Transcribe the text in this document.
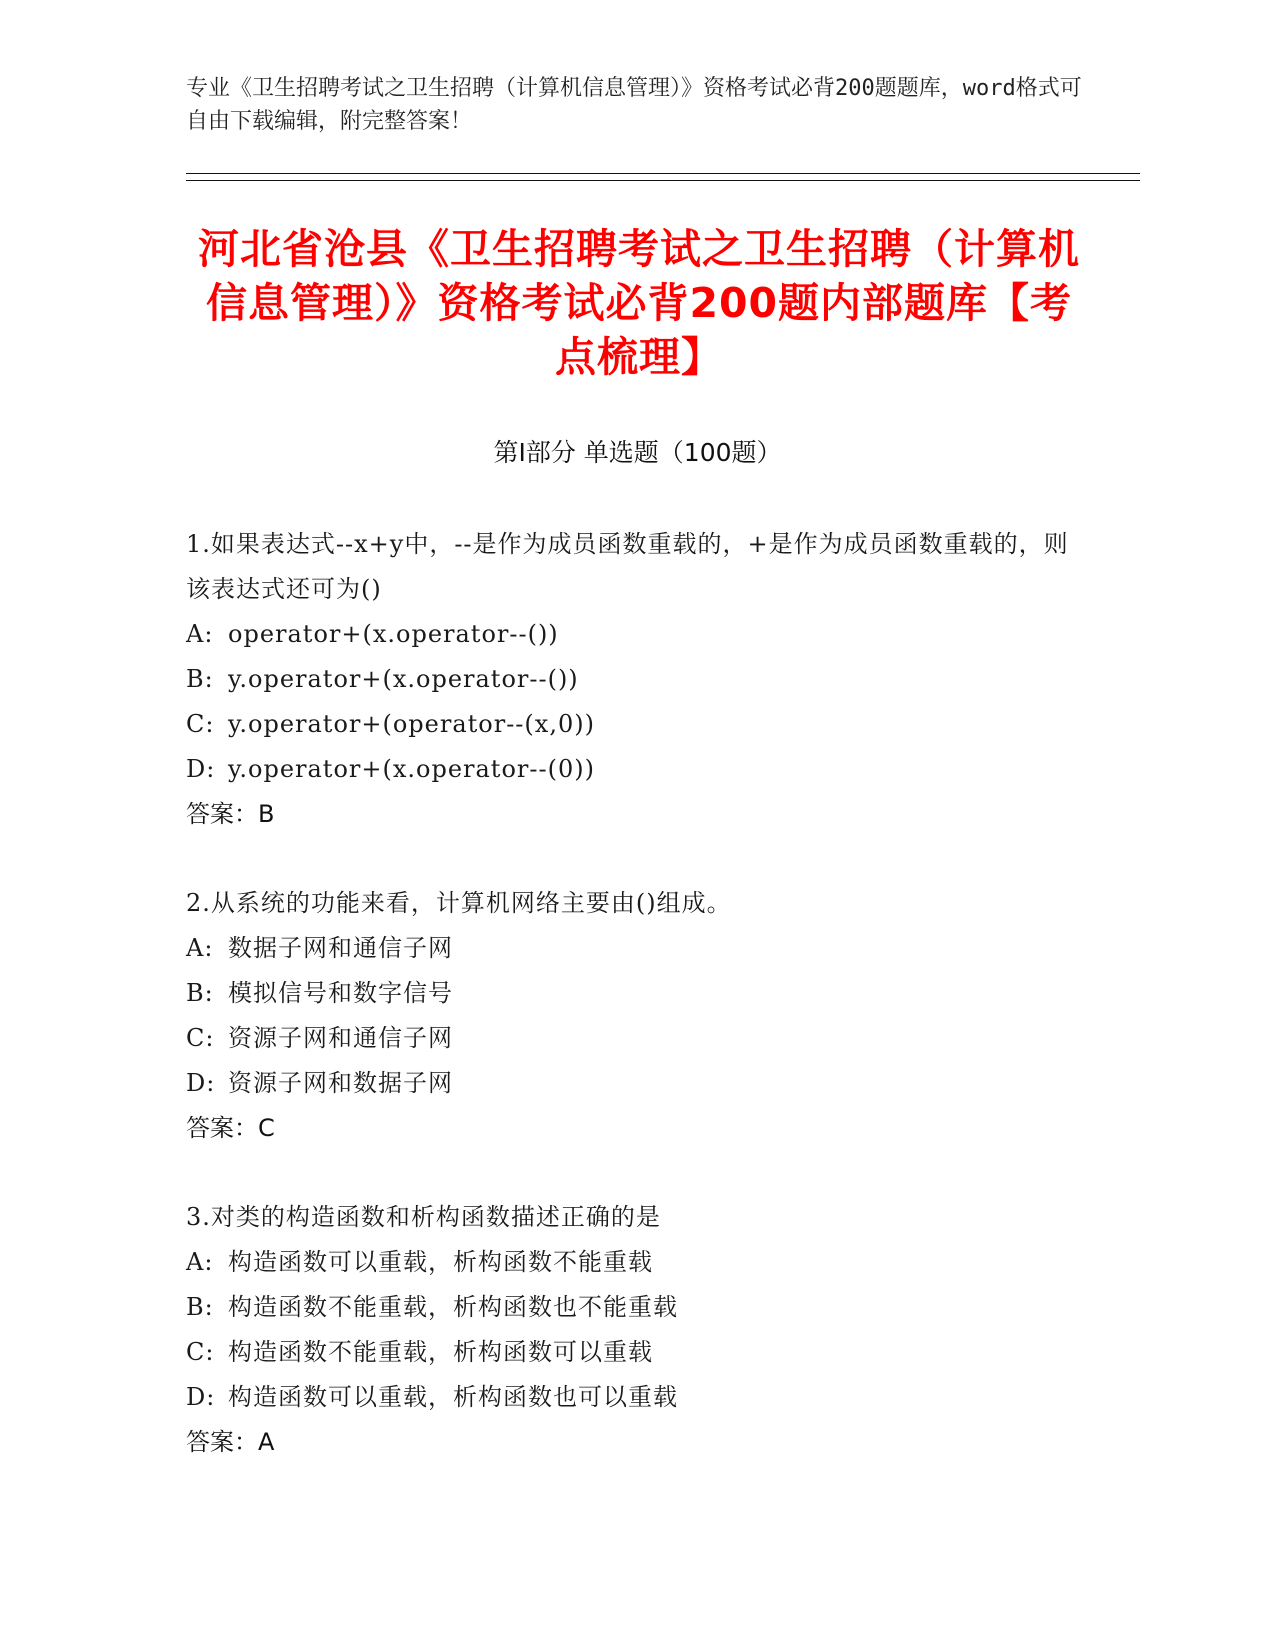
专业《卫生招聘考试之卫生招聘（计算机信息管理）》资格考试必背200题题库，word格式可自由下载编辑，附完整答案！
河北省沧县《卫生招聘考试之卫生招聘（计算机信息管理）》资格考试必背200题内部题库【考点梳理】
第Ⅰ部分 单选题（100题）
1.如果表达式--x+y中，--是作为成员函数重载的，+是作为成员函数重载的，则该表达式还可为()
A: operator+(x.operator--())
B: y.operator+(x.operator--())
C: y.operator+(operator--(x,0))
D: y.operator+(x.operator--(0))
答案：B
2.从系统的功能来看，计算机网络主要由()组成。
A: 数据子网和通信子网
B: 模拟信号和数字信号
C: 资源子网和通信子网
D: 资源子网和数据子网
答案：C
3.对类的构造函数和析构函数描述正确的是
A: 构造函数可以重载，析构函数不能重载
B: 构造函数不能重载，析构函数也不能重载
C: 构造函数不能重载，析构函数可以重载
D: 构造函数可以重载，析构函数也可以重载
答案：A
